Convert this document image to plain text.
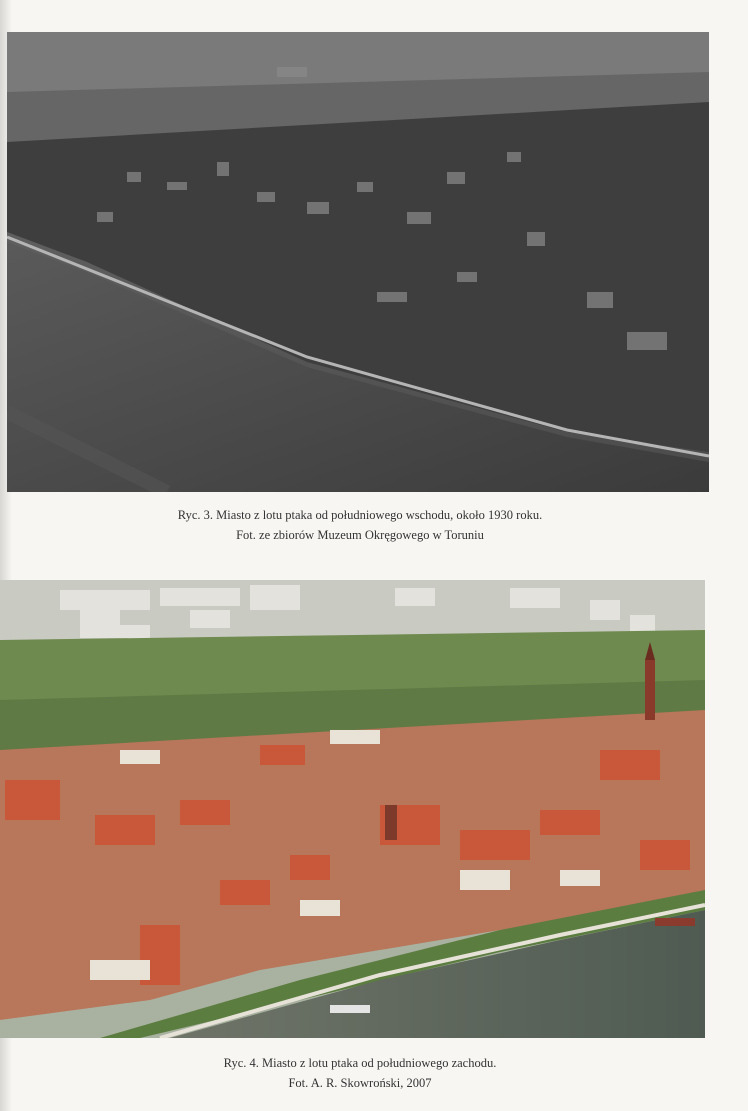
Ryc. 3. Miasto z lotu ptaka od południowego wschodu, około 1930 roku.
Fot. ze zbiorów Muzeum Okręgowego w Toruniu
Ryc. 4. Miasto z lotu ptaka od południowego zachodu.
Fot. A. R. Skowroński, 2007
